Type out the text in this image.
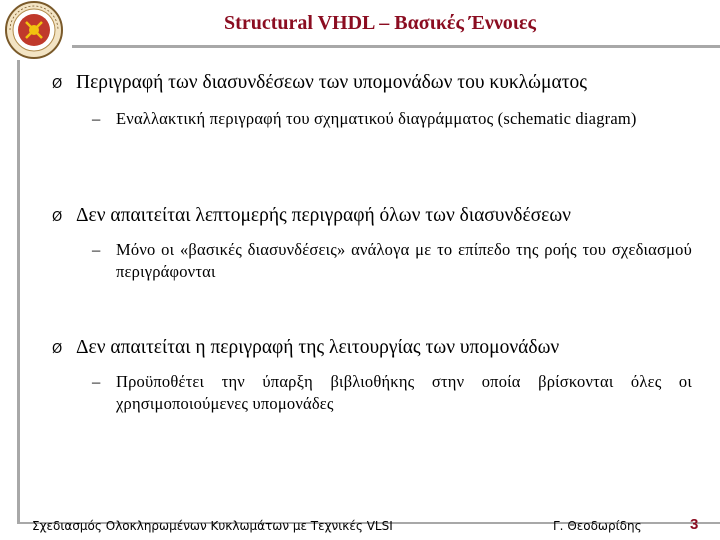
Structural VHDL – Βασικές Έννοιες
Ø Περιγραφή των διασυνδέσεων των υπομονάδων του κυκλώματος
– Εναλλακτική περιγραφή του σχηματικού διαγράμματος (schematic diagram)
Ø Δεν απαιτείται λεπτομερής περιγραφή όλων των διασυνδέσεων
– Μόνο οι «βασικές διασυνδέσεις» ανάλογα με το επίπεδο της ροής του σχεδιασμού περιγράφονται
Ø Δεν απαιτείται η περιγραφή της λειτουργίας των υπομονάδων
– Προϋποθέτει την ύπαρξη βιβλιοθήκης στην οποία βρίσκονται όλες οι χρησιμοποιούμενες υπομονάδες
Σχεδιασμός Ολοκληρωμένων Κυκλωμάτων με Τεχνικές VLSI	Γ. Θεοδωρίδης	3
